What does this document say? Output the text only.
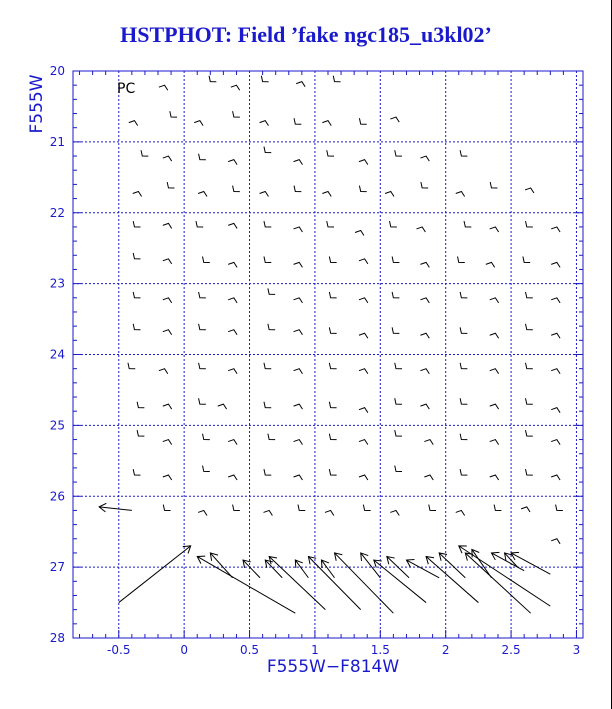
HSTPHOT: Field ’fake ngc185_u3kl02’
-0.5	0	0.5	1	1.5	2	2.5	3
20
21
22
23
24
25
26
27
28
PC
F555W−F814W
F555W
